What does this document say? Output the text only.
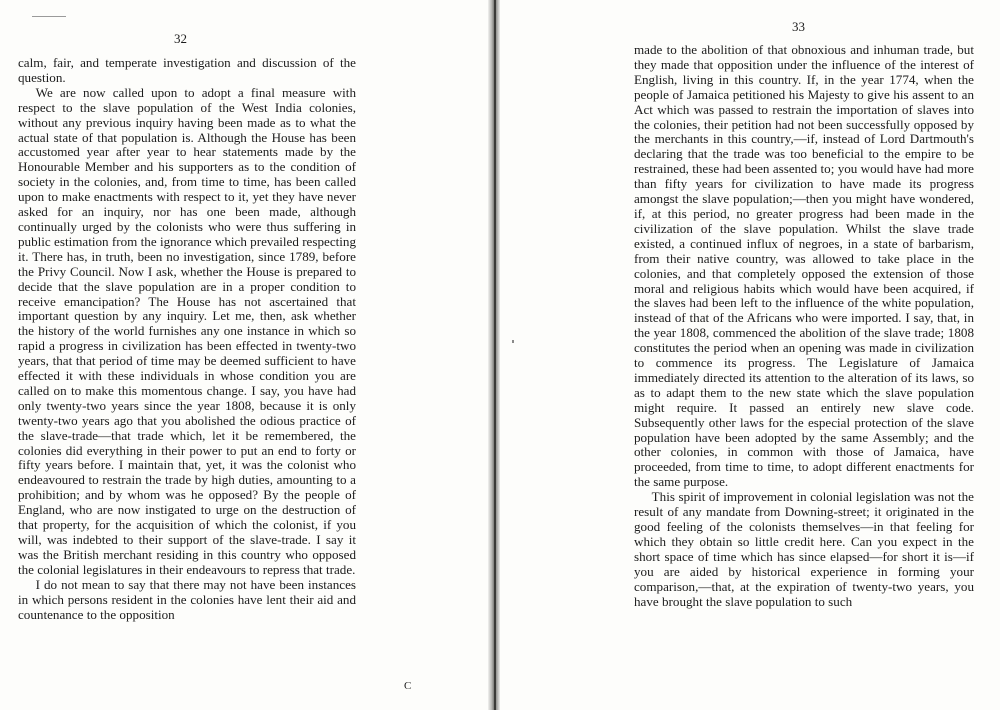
32

calm, fair, and temperate investigation and discussion of the question.

We are now called upon to adopt a final measure with respect to the slave population of the West India colonies, without any previous inquiry having been made as to what the actual state of that population is. Although the House has been accustomed year after year to hear statements made by the Honourable Member and his supporters as to the condition of society in the colonies, and, from time to time, has been called upon to make enactments with respect to it, yet they have never asked for an inquiry, nor has one been made, although continually urged by the colonists who were thus suffering in public estimation from the ignorance which prevailed respecting it. There has, in truth, been no investigation, since 1789, before the Privy Council. Now I ask, whether the House is prepared to decide that the slave population are in a proper condition to receive emancipation? The House has not ascertained that important question by any inquiry. Let me, then, ask whether the history of the world furnishes any one instance in which so rapid a progress in civilization has been effected in twenty-two years, that that period of time may be deemed sufficient to have effected it with these individuals in whose condition you are called on to make this momentous change. I say, you have had only twenty-two years since the year 1808, because it is only twenty-two years ago that you abolished the odious practice of the slave-trade—that trade which, let it be remembered, the colonies did everything in their power to put an end to forty or fifty years before. I maintain that, yet, it was the colonist who endeavoured to restrain the trade by high duties, amounting to a prohibition; and by whom was he opposed? By the people of England, who are now instigated to urge on the destruction of that property, for the acquisition of which the colonist, if you will, was indebted to their support of the slave-trade. I say it was the British merchant residing in this country who opposed the colonial legislatures in their endeavours to repress that trade.

I do not mean to say that there may not have been instances in which persons resident in the colonies have lent their aid and countenance to the opposition

33

made to the abolition of that obnoxious and inhuman trade, but they made that opposition under the influence of the interest of English, living in this country. If, in the year 1774, when the people of Jamaica petitioned his Majesty to give his assent to an Act which was passed to restrain the importation of slaves into the colonies, their petition had not been successfully opposed by the merchants in this country,—if, instead of Lord Dartmouth's declaring that the trade was too beneficial to the empire to be restrained, these had been assented to; you would have had more than fifty years for civilization to have made its progress amongst the slave population;—then you might have wondered, if, at this period, no greater progress had been made in the civilization of the slave population. Whilst the slave trade existed, a continued influx of negroes, in a state of barbarism, from their native country, was allowed to take place in the colonies, and that completely opposed the extension of those moral and religious habits which would have been acquired, if the slaves had been left to the influence of the white population, instead of that of the Africans who were imported. I say, that, in the year 1808, commenced the abolition of the slave trade; 1808 constitutes the period when an opening was made in civilization to commence its progress. The Legislature of Jamaica immediately directed its attention to the alteration of its laws, so as to adapt them to the new state which the slave population might require. It passed an entirely new slave code. Subsequently other laws for the especial protection of the slave population have been adopted by the same Assembly; and the other colonies, in common with those of Jamaica, have proceeded, from time to time, to adopt different enactments for the same purpose.

This spirit of improvement in colonial legislation was not the result of any mandate from Downing-street; it originated in the good feeling of the colonists themselves—in that feeling for which they obtain so little credit here. Can you expect in the short space of time which has since elapsed—for short it is—if you are aided by historical experience in forming your comparison,—that, at the expiration of twenty-two years, you have brought the slave population to such

C
